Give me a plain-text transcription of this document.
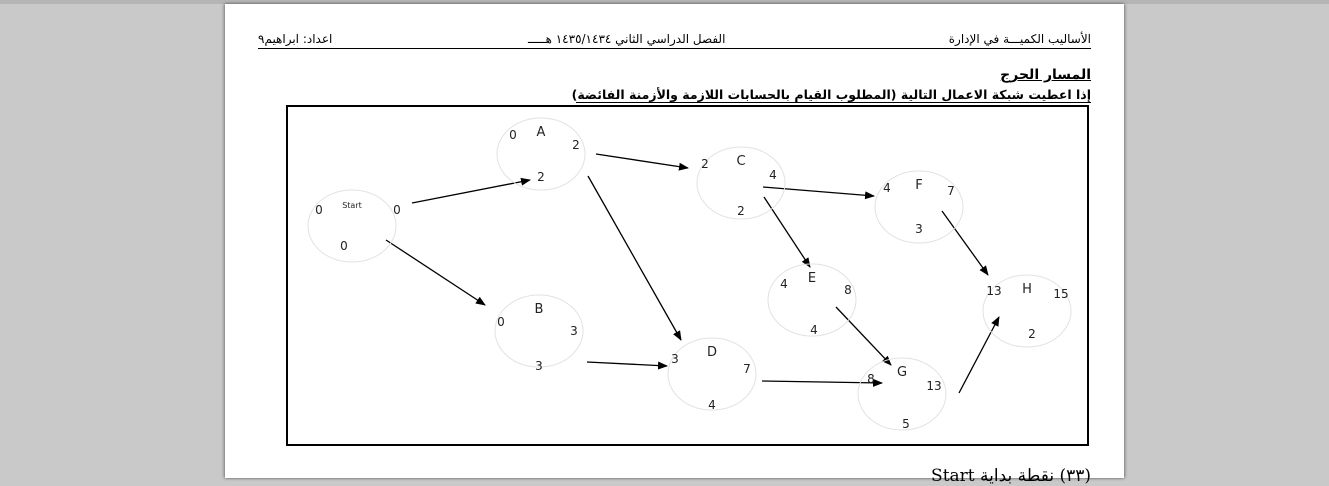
الأساليب الكميـــة في الإدارة
الفصل الدراسي الثاني ١٤٣٥/١٤٣٤ هـــــ
اعداد: ابراهيم٩
المسار الحرج
إذا اعطيت شبكة الاعمال التالية (المطلوب القيام بالحسابات اللازمة والأزمنة الفائضة)
Start
0	0
0
A
0
2
2
B
0
3
3
C
2
4
2
D
3
7
4
E
4	8
4
F
4	7
3
G
8	13
5
H
13	15
2
(٣٣) نقطة بداية Start
